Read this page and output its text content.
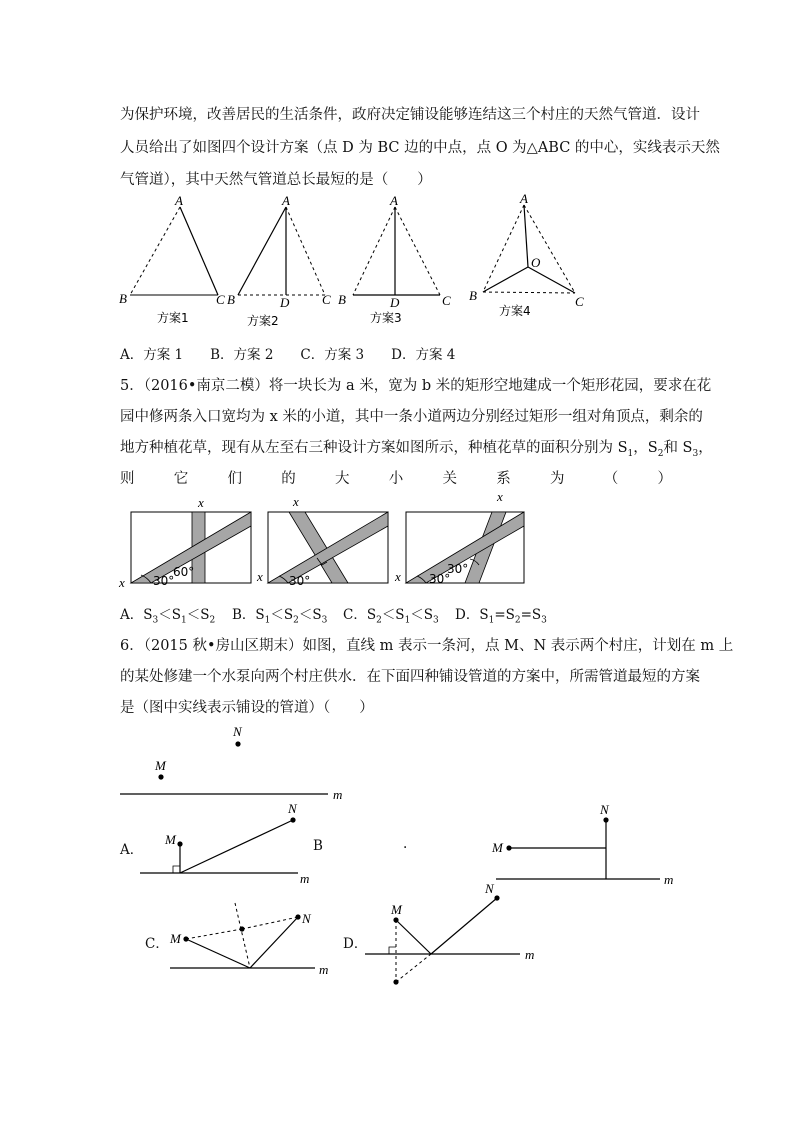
为保护环境，改善居民的生活条件，政府决定铺设能够连结这三个村庄的天然气管道．设计
人员给出了如图四个设计方案（点 D 为 BC 边的中点，点 O 为△ABC 的中心，实线表示天然
气管道），其中天然气管道总长最短的是（　　）
A
B	C
方案1
A
B	D	C
方案2
A
B	D	C
方案3
A
O
B	C
方案4
A．方案 1　　B．方案 2　　C．方案 3　　D．方案 4
5．（2016•南京二模）将一块长为 a 米，宽为 b 米的矩形空地建成一个矩形花园，要求在花
园中修两条入口宽均为 x 米的小道，其中一条小道两边分别经过矩形一组对角顶点，剩余的
地方种植花草，现有从左至右三种设计方案如图所示，种植花草的面积分别为 $S_1$，$S_2$和 $S_3$，
则	它	们	的	大	小	关	系	为	（	）
x
x 30°
60°
x
x 30°
x
x 30°
30°
A．$S_3<S_1<S_2$ B．$S_1<S_2<S_3$ C．$S_2<S_1<S_3$ D．$S_1=S_2=S_3$
6．（2015 秋•房山区期末）如图，直线 m 表示一条河，点 M、N 表示两个村庄，计划在 m 上
的某处修建一个水泵向两个村庄供水．在下面四种铺设管道的方案中，所需管道最短的方案
是（图中实线表示铺设的管道）（　　）
N
M
m
A．
M
N
m
B	.	M
N
m
C． M
N
m
D．
M
N
m
